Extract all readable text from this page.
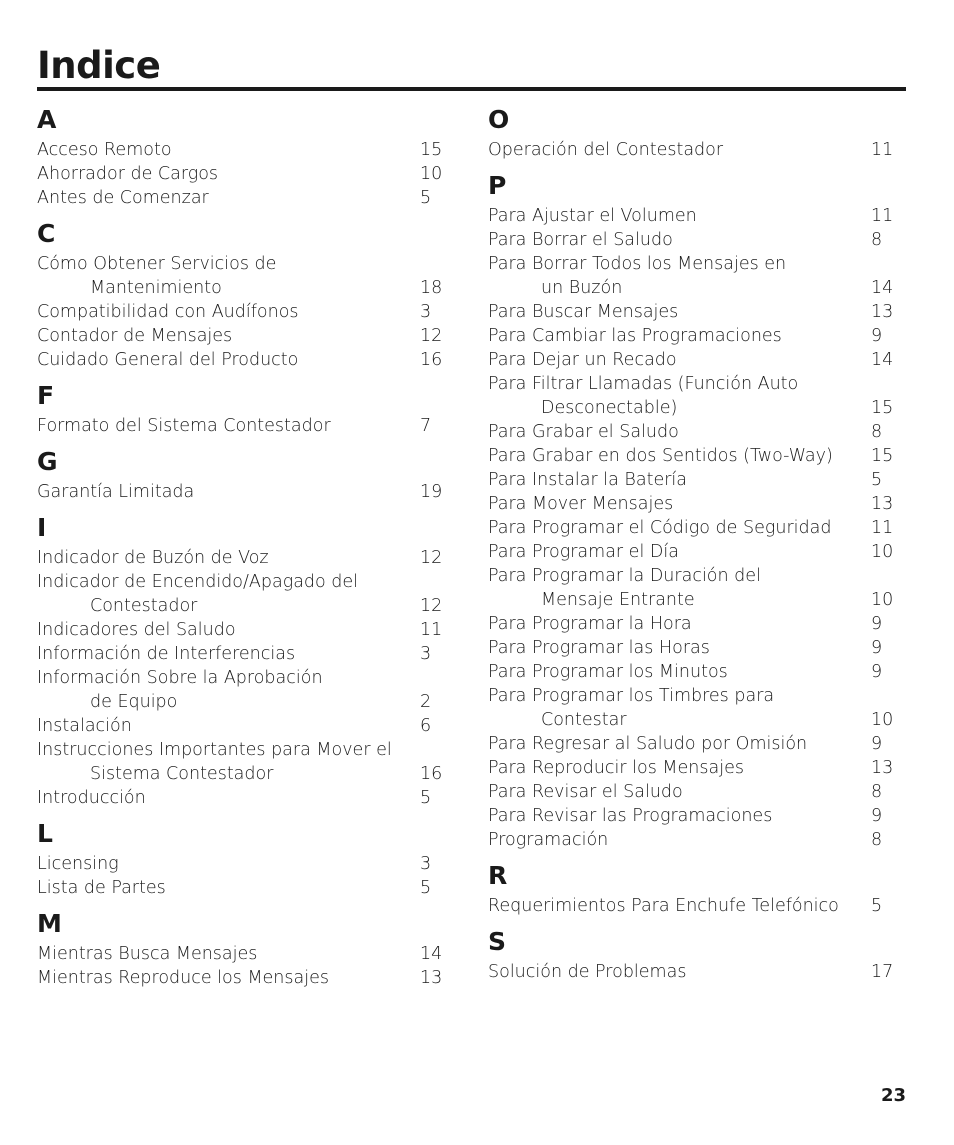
Indice
A
Acceso Remoto	15
Ahorrador de Cargos	10
Antes de Comenzar	5
C
Cómo Obtener Servicios de
Mantenimiento	18
Compatibilidad con Audífonos	3
Contador de Mensajes	12
Cuidado General del Producto	16
F
Formato del Sistema Contestador	7
G
Garantía Limitada	19
I
Indicador de Buzón de Voz	12
Indicador de Encendido/Apagado del
Contestador	12
Indicadores del Saludo	11
Información de Interferencias	3
Información Sobre la Aprobación
de Equipo	2
Instalación	6
Instrucciones Importantes para Mover el
Sistema Contestador	16
Introducción	5
L
Licensing	3
Lista de Partes	5
M
Mientras Busca Mensajes	14
Mientras Reproduce los Mensajes	13
O
Operación del Contestador	11
P
Para Ajustar el Volumen	11
Para Borrar el Saludo	8
Para Borrar Todos los Mensajes en
un Buzón	14
Para Buscar Mensajes	13
Para Cambiar las Programaciones	9
Para Dejar un Recado	14
Para Filtrar Llamadas (Función Auto
Desconectable)	15
Para Grabar el Saludo	8
Para Grabar en dos Sentidos (Two-Way) 15
Para Instalar la Batería	5
Para Mover Mensajes	13
Para Programar el Código de Seguridad 11
Para Programar el Día	10
Para Programar la Duración del
Mensaje Entrante	10
Para Programar la Hora	9
Para Programar las Horas	9
Para Programar los Minutos	9
Para Programar los Timbres para
Contestar	10
Para Regresar al Saludo por Omisión	9
Para Reproducir los Mensajes	13
Para Revisar el Saludo	8
Para Revisar las Programaciones	9
Programación	8
R
Requerimientos Para Enchufe Telefónico 5
S
Solución de Problemas	17
23
